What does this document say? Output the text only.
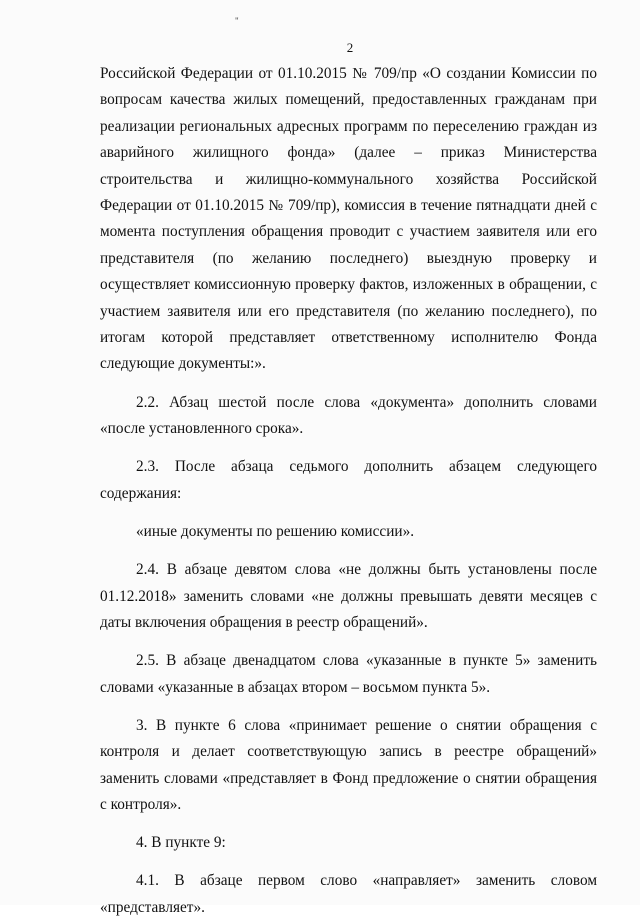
"
2

Российской Федерации от 01.10.2015 № 709/пр «О создании Комиссии по вопросам качества жилых помещений, предоставленных гражданам при реализации региональных адресных программ по переселению граждан из аварийного жилищного фонда» (далее – приказ Министерства строительства и жилищно-коммунального хозяйства Российской Федерации от 01.10.2015 № 709/пр), комиссия в течение пятнадцати дней с момента поступления обращения проводит с участием заявителя или его представителя (по желанию последнего) выездную проверку и осуществляет комиссионную проверку фактов, изложенных в обращении, с участием заявителя или его представителя (по желанию последнего), по итогам которой представляет ответственному исполнителю Фонда следующие документы:».

2.2. Абзац шестой после слова «документа» дополнить словами «после установленного срока».

2.3. После абзаца седьмого дополнить абзацем следующего содержания:

«иные документы по решению комиссии».

2.4. В абзаце девятом слова «не должны быть установлены после 01.12.2018» заменить словами «не должны превышать девяти месяцев с даты включения обращения в реестр обращений».

2.5. В абзаце двенадцатом слова «указанные в пункте 5» заменить словами «указанные в абзацах втором – восьмом пункта 5».

3. В пункте 6 слова «принимает решение о снятии обращения с контроля и делает соответствующую запись в реестре обращений» заменить словами «представляет в Фонд предложение о снятии обращения с контроля».

4. В пункте 9:

4.1. В абзаце первом слово «направляет» заменить словом «представляет».
